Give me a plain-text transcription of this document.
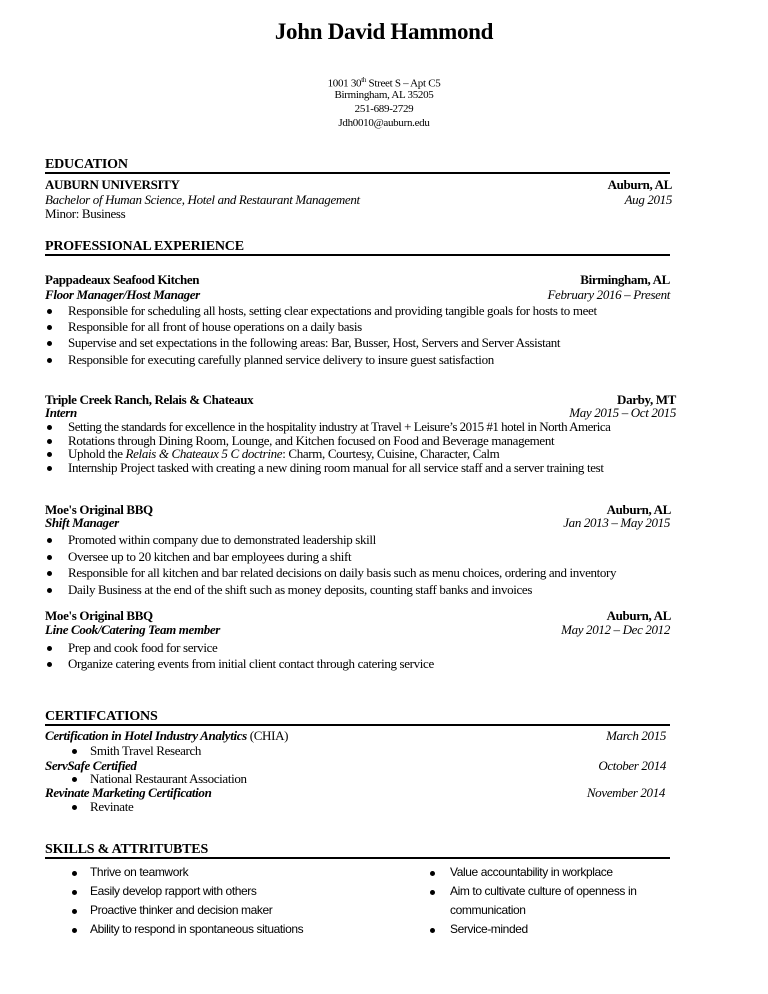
John David Hammond
1001 30th Street S – Apt C5
Birmingham, AL 35205
251-689-2729
Jdh0010@auburn.edu
EDUCATION
AUBURN UNIVERSITY	Auburn, AL
Bachelor of Human Science, Hotel and Restaurant Management	Aug 2015
Minor: Business
PROFESSIONAL EXPERIENCE
Pappadeaux Seafood Kitchen	Birmingham, AL
Floor Manager/Host Manager	February 2016 – Present
Responsible for scheduling all hosts, setting clear expectations and providing tangible goals for hosts to meet
Responsible for all front of house operations on a daily basis
Supervise and set expectations in the following areas: Bar, Busser, Host, Servers and Server Assistant
Responsible for executing carefully planned service delivery to insure guest satisfaction
Triple Creek Ranch, Relais & Chateaux	Darby, MT
Intern	May 2015 – Oct 2015
Setting the standards for excellence in the hospitality industry at Travel + Leisure’s 2015 #1 hotel in North America
Rotations through Dining Room, Lounge, and Kitchen focused on Food and Beverage management
Uphold the Relais & Chateaux 5 C doctrine: Charm, Courtesy, Cuisine, Character, Calm
Internship Project tasked with creating a new dining room manual for all service staff and a server training test
Moe's Original BBQ	Auburn, AL
Shift Manager	Jan 2013 – May 2015
Promoted within company due to demonstrated leadership skill
Oversee up to 20 kitchen and bar employees during a shift
Responsible for all kitchen and bar related decisions on daily basis such as menu choices, ordering and inventory
Daily Business at the end of the shift such as money deposits, counting staff banks and invoices
Moe's Original BBQ	Auburn, AL
Line Cook/Catering Team member	May 2012 – Dec 2012
Prep and cook food for service
Organize catering events from initial client contact through catering service
CERTIFCATIONS
Certification in Hotel Industry Analytics (CHIA)	March 2015
Smith Travel Research
ServSafe Certified	October 2014
National Restaurant Association
Revinate Marketing Certification	November 2014
Revinate
SKILLS & ATTRITUBTES
Thrive on teamwork
Easily develop rapport with others
Proactive thinker and decision maker
Ability to respond in spontaneous situations
Value accountability in workplace
Aim to cultivate culture of openness in
communication
Service-minded
